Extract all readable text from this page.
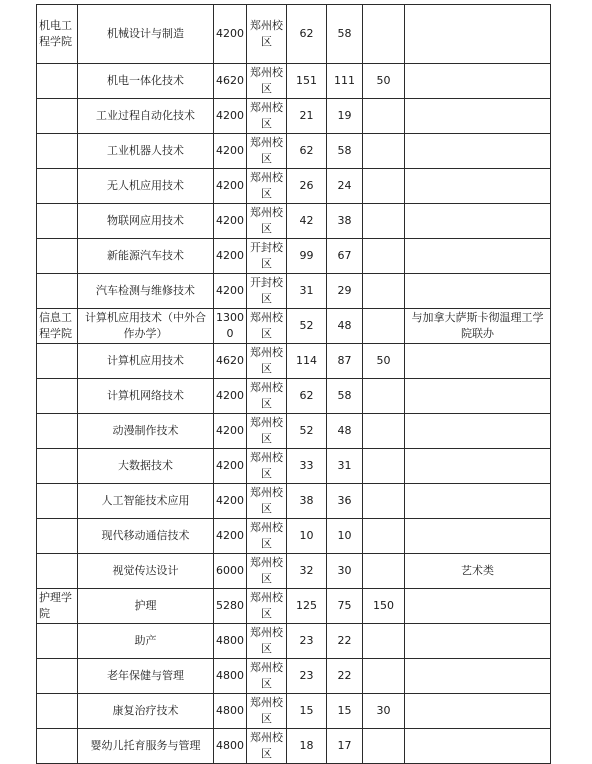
机电工程学院	机械设计与制造	4200	郑州校区	62	58		
	机电一体化技术	4620	郑州校区	151	111	50	
	工业过程自动化技术	4200	郑州校区	21	19		
	工业机器人技术	4200	郑州校区	62	58		
	无人机应用技术	4200	郑州校区	26	24		
	物联网应用技术	4200	郑州校区	42	38		
	新能源汽车技术	4200	开封校区	99	67		
	汽车检测与维修技术	4200	开封校区	31	29		
信息工程学院	计算机应用技术（中外合作办学）	13000	郑州校区	52	48		与加拿大萨斯卡彻温理工学院联办
	计算机应用技术	4620	郑州校区	114	87	50	
	计算机网络技术	4200	郑州校区	62	58		
	动漫制作技术	4200	郑州校区	52	48		
	大数据技术	4200	郑州校区	33	31		
	人工智能技术应用	4200	郑州校区	38	36		
	现代移动通信技术	4200	郑州校区	10	10		
	视觉传达设计	6000	郑州校区	32	30		艺术类
护理学院	护理	5280	郑州校区	125	75	150	
	助产	4800	郑州校区	23	22		
	老年保健与管理	4800	郑州校区	23	22		
	康复治疗技术	4800	郑州校区	15	15	30	
	婴幼儿托育服务与管理	4800	郑州校区	18	17		
